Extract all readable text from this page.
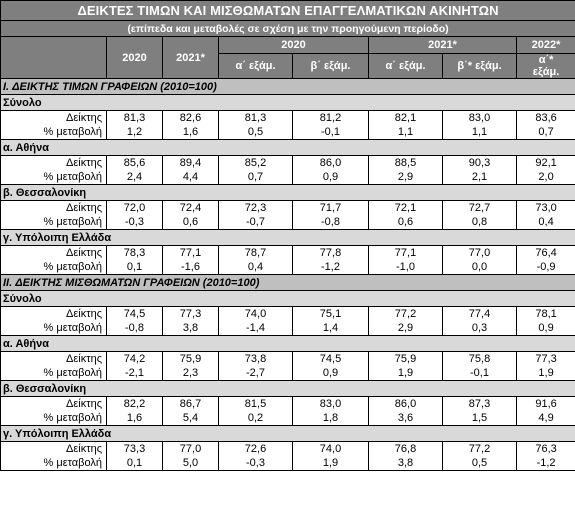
ΔΕΙΚΤΕΣ ΤΙΜΩΝ ΚΑΙ ΜΙΣΘΩΜΑΤΩΝ ΕΠΑΓΓΕΛΜΑΤΙΚΩΝ ΑΚΙΝΗΤΩΝ							
(επίπεδα και μεταβολές σε σχέση με την προηγούμενη περίοδο)							
	2020	2021*	2020		2021*		2022*
			α΄ εξάμ.	β΄ εξάμ.	α΄ εξάμ.	β΄* εξάμ.	α΄*
εξάμ.
I. ΔΕΙΚΤΗΣ ΤΙΜΩΝ ΓΡΑΦΕΙΩΝ (2010=100)							
Σύνολο							
Δείκτης	81,3	82,6	81,3	81,2	82,1	83,0	83,6
% μεταβολή	1,2	1,6	0,5	-0,1	1,1	1,1	0,7
α. Αθήνα							
Δείκτης	85,6	89,4	85,2	86,0	88,5	90,3	92,1
% μεταβολή	2,4	4,4	0,7	0,9	2,9	2,1	2,0
β. Θεσσαλονίκη							
Δείκτης	72,0	72,4	72,3	71,7	72,1	72,7	73,0
% μεταβολή	-0,3	0,6	-0,7	-0,8	0,6	0,8	0,4
γ. Υπόλοιπη Ελλάδα							
Δείκτης	78,3	77,1	78,7	77,8	77,1	77,0	76,4
% μεταβολή	0,1	-1,6	0,4	-1,2	-1,0	0,0	-0,9
II. ΔΕΙΚΤΗΣ ΜΙΣΘΩΜΑΤΩΝ ΓΡΑΦΕΙΩΝ (2010=100)							
Σύνολο							
Δείκτης	74,5	77,3	74,0	75,1	77,2	77,4	78,1
% μεταβολή	-0,8	3,8	-1,4	1,4	2,9	0,3	0,9
α. Αθήνα							
Δείκτης	74,2	75,9	73,8	74,5	75,9	75,8	77,3
% μεταβολή	-2,1	2,3	-2,7	0,9	1,9	-0,1	1,9
β. Θεσσαλονίκη							
Δείκτης	82,2	86,7	81,5	83,0	86,0	87,3	91,6
% μεταβολή	1,6	5,4	0,2	1,8	3,6	1,5	4,9
γ. Υπόλοιπη Ελλάδα							
Δείκτης	73,3	77,0	72,6	74,0	76,8	77,2	76,3
% μεταβολή	0,1	5,0	-0,3	1,9	3,8	0,5	-1,2
